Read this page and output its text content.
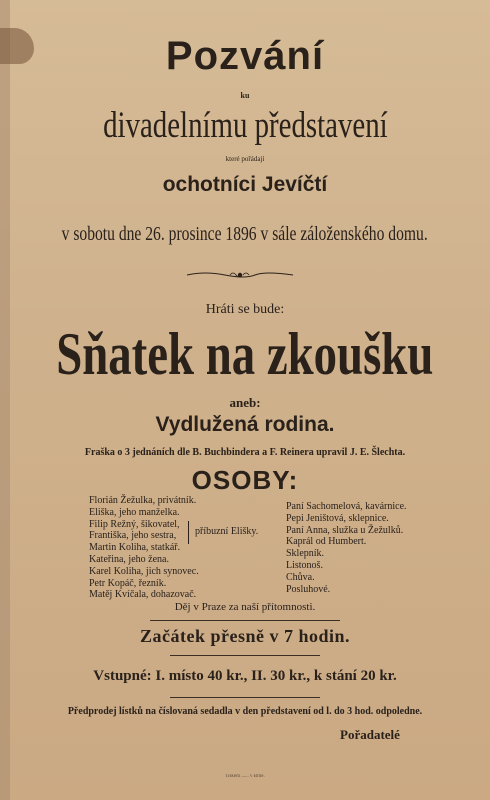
Pozvání
ku
divadelnímu představení
které pořádají
ochotníci Jevíčtí
v sobotu dne 26. prosince 1896 v sále záloženského domu.
Hráti se bude:
Sňatek na zkoušku
aneb:
Vydlužená rodina.
Fraška o 3 jednáních dle B. Buchbindera a F. Reinera upravil J. E. Šlechta.
OSOBY:
Florián Žežulka, privátník.
Eliška, jeho manželka.
Filip Režný, šikovatel,
Františka, jeho sestra,
Martin Koliha, statkář.
Kateřina, jeho žena.
Karel Koliha, jich synovec.
Petr Kopáč, řezník.
Matěj Kvíčala, dohazovač.
příbuzní Elišky.
Paní Sachomelová, kavárnice.
Pepi Jeništová, sklepnice.
Paní Anna, služka u Žežulků.
Kaprál od Humbert.
Sklepník.
Listonoš.
Chůva.
Posluhové.
Děj v Praze za naší přítomnosti.
Začátek přesně v 7 hodin.
Vstupné: I. místo 40 kr., II. 30 kr., k stání 20 kr.
Předprodej lístků na číslovaná sedadla v den představení od l. do 3 hod. odpoledne.
Pořadatelé
Tiskem ...... v Brně.
